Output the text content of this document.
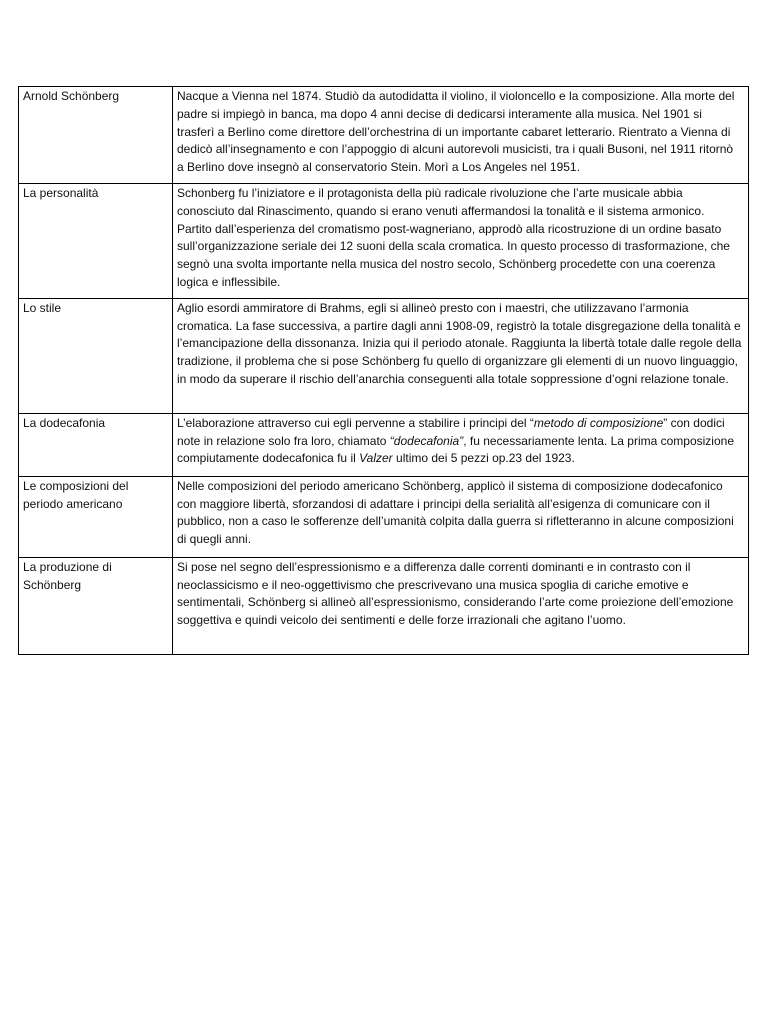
Arnold Schönberg	Nacque a Vienna nel 1874. Studiò da autodidatta il violino, il violoncello e la composizione. Alla morte del padre si impiegò in banca, ma dopo 4 anni decise di dedicarsi interamente alla musica. Nel 1901 si trasferì a Berlino come direttore dell’orchestrina di un importante cabaret letterario. Rientrato a Vienna di dedicò all’insegnamento e con l’appoggio di alcuni autorevoli musicisti, tra i quali Busoni, nel 1911 ritornò a Berlino dove insegnò al conservatorio Stein. Morì a Los Angeles nel 1951.
La personalità	Schonberg fu l’iniziatore e il protagonista della più radicale rivoluzione che l’arte musicale abbia conosciuto dal Rinascimento, quando si erano venuti affermandosi la tonalità e il sistema armonico. Partito dall’esperienza del cromatismo post-wagneriano, approdò alla ricostruzione di un ordine basato sull’organizzazione seriale dei 12 suoni della scala cromatica. In questo processo di trasformazione, che segnò una svolta importante nella musica del nostro secolo, Schönberg procedette con una coerenza logica e inflessibile.
Lo stile	Aglio esordi ammiratore di Brahms, egli si allineò presto con i maestri, che utilizzavano l’armonia cromatica. La fase successiva, a partire dagli anni 1908-09, registrò la totale disgregazione della tonalità e l’emancipazione della dissonanza. Inizia qui il periodo atonale. Raggiunta la libertà totale dalle regole della tradizione, il problema che si pose Schönberg fu quello di organizzare gli elementi di un nuovo linguaggio, in modo da superare il rischio dell’anarchia conseguenti alla totale soppressione d’ogni relazione tonale.
La dodecafonia	L’elaborazione attraverso cui egli pervenne a stabilire i principi del “metodo di composizione” con dodici note in relazione solo fra loro, chiamato “dodecafonia”, fu necessariamente lenta. La prima composizione compiutamente dodecafonica fu il Valzer ultimo dei 5 pezzi op.23 del 1923.
Le composizioni del periodo americano	Nelle composizioni del periodo americano Schönberg, applicò il sistema di composizione dodecafonico con maggiore libertà, sforzandosi di adattare i principi della serialità all’esigenza di comunicare con il pubblico, non a caso le sofferenze dell’umanità colpita dalla guerra si rifletteranno in alcune composizioni di quegli anni.
La produzione di Schönberg	Si pose nel segno dell’espressionismo e a differenza dalle correnti dominanti e in contrasto con il neoclassicismo e il neo-oggettivismo che prescrivevano una musica spoglia di cariche emotive e sentimentali, Schönberg si allineò all’espressionismo, considerando l’arte come proiezione dell’emozione soggettiva e quindi veicolo dei sentimenti e delle forze irrazionali che agitano l’uomo.
